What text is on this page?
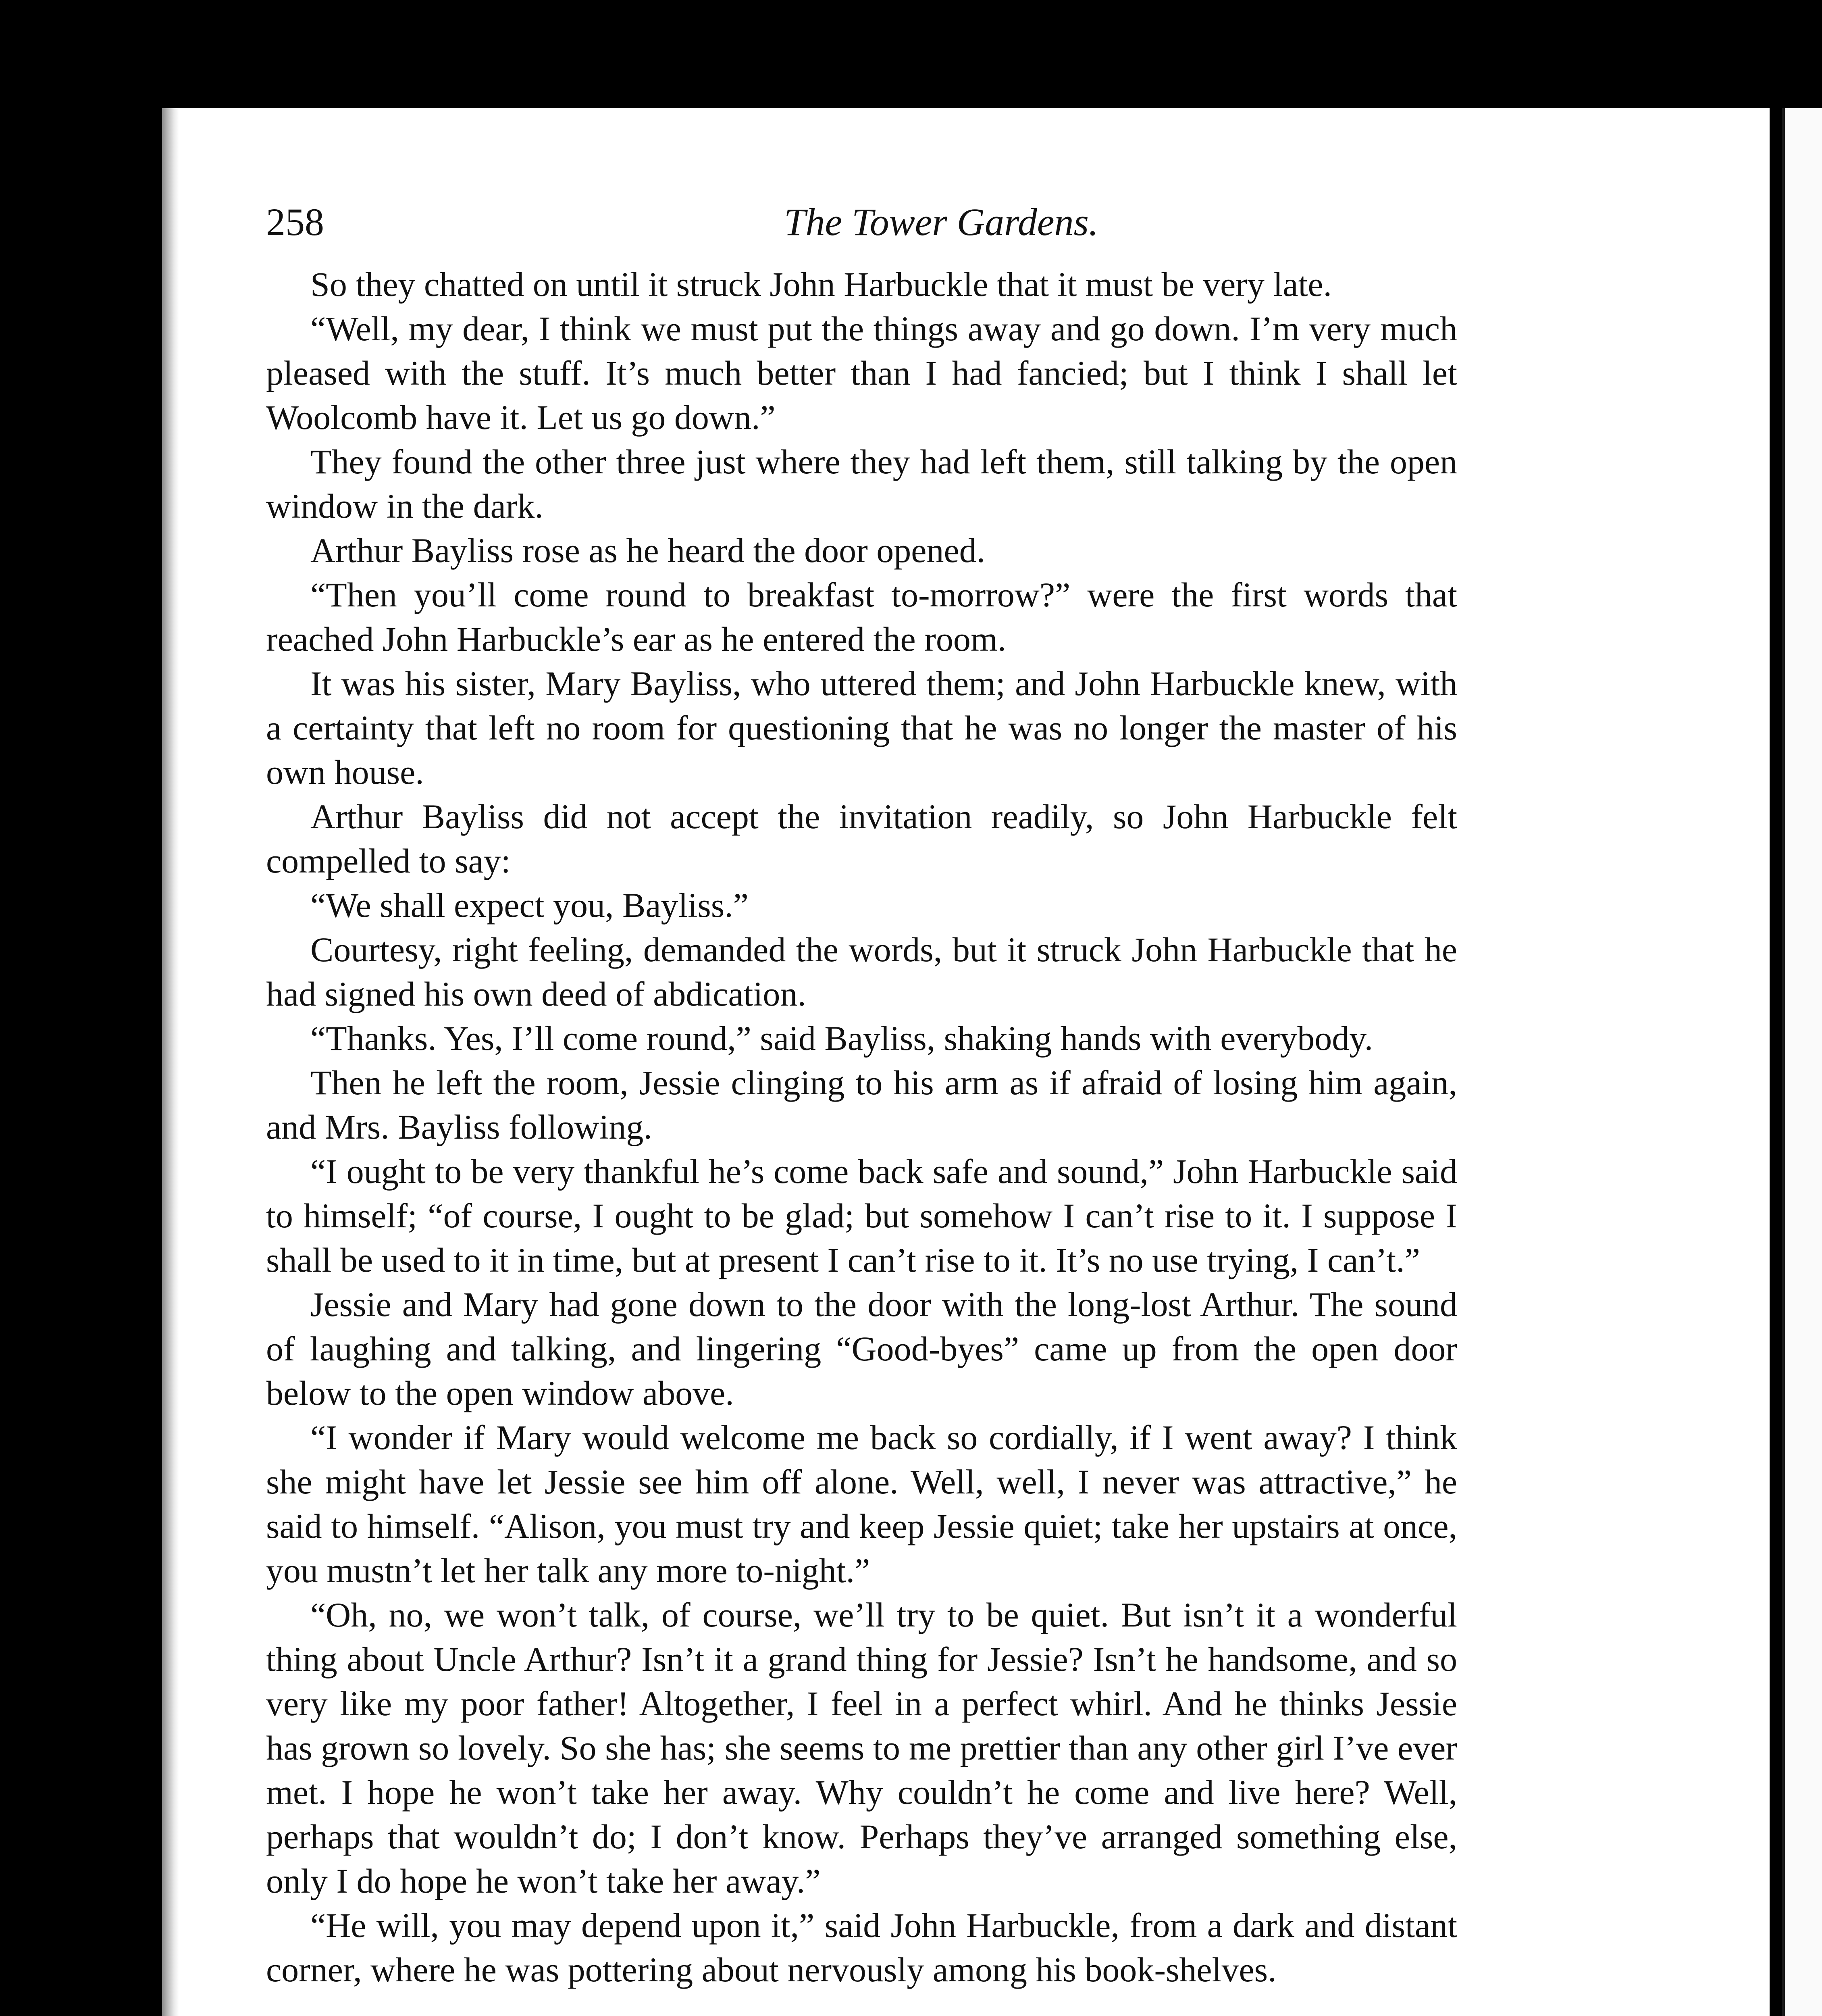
258	The Tower Gardens.

So they chatted on until it struck John Harbuckle that it must be very late.

“Well, my dear, I think we must put the things away and go down. I’m very much pleased with the stuff. It’s much better than I had fancied; but I think I shall let Woolcomb have it. Let us go down.”

They found the other three just where they had left them, still talking by the open window in the dark.

Arthur Bayliss rose as he heard the door opened.

“Then you’ll come round to breakfast to-morrow?” were the first words that reached John Harbuckle’s ear as he entered the room.

It was his sister, Mary Bayliss, who uttered them; and John Harbuckle knew, with a certainty that left no room for questioning that he was no longer the master of his own house.

Arthur Bayliss did not accept the invitation readily, so John Harbuckle felt compelled to say:

“We shall expect you, Bayliss.”

Courtesy, right feeling, demanded the words, but it struck John Harbuckle that he had signed his own deed of abdication.

“Thanks. Yes, I’ll come round,” said Bayliss, shaking hands with everybody.

Then he left the room, Jessie clinging to his arm as if afraid of losing him again, and Mrs. Bayliss following.

“I ought to be very thankful he’s come back safe and sound,” John Harbuckle said to himself; “of course, I ought to be glad; but somehow I can’t rise to it. I suppose I shall be used to it in time, but at present I can’t rise to it. It’s no use trying, I can’t.”

Jessie and Mary had gone down to the door with the long-lost Arthur. The sound of laughing and talking, and lingering “Good-byes” came up from the open door below to the open window above.

“I wonder if Mary would welcome me back so cordially, if I went away? I think she might have let Jessie see him off alone. Well, well, I never was attractive,” he said to himself. “Alison, you must try and keep Jessie quiet; take her upstairs at once, you mustn’t let her talk any more to-night.”

“Oh, no, we won’t talk, of course, we’ll try to be quiet. But isn’t it a wonderful thing about Uncle Arthur? Isn’t it a grand thing for Jessie? Isn’t he handsome, and so very like my poor father! Altogether, I feel in a perfect whirl. And he thinks Jessie has grown so lovely. So she has; she seems to me prettier than any other girl I’ve ever met. I hope he won’t take her away. Why couldn’t he come and live here? Well, perhaps that wouldn’t do; I don’t know. Perhaps they’ve arranged something else, only I do hope he won’t take her away.”

“He will, you may depend upon it,” said John Harbuckle, from a dark and distant corner, where he was pottering about nervously among his book-shelves.
